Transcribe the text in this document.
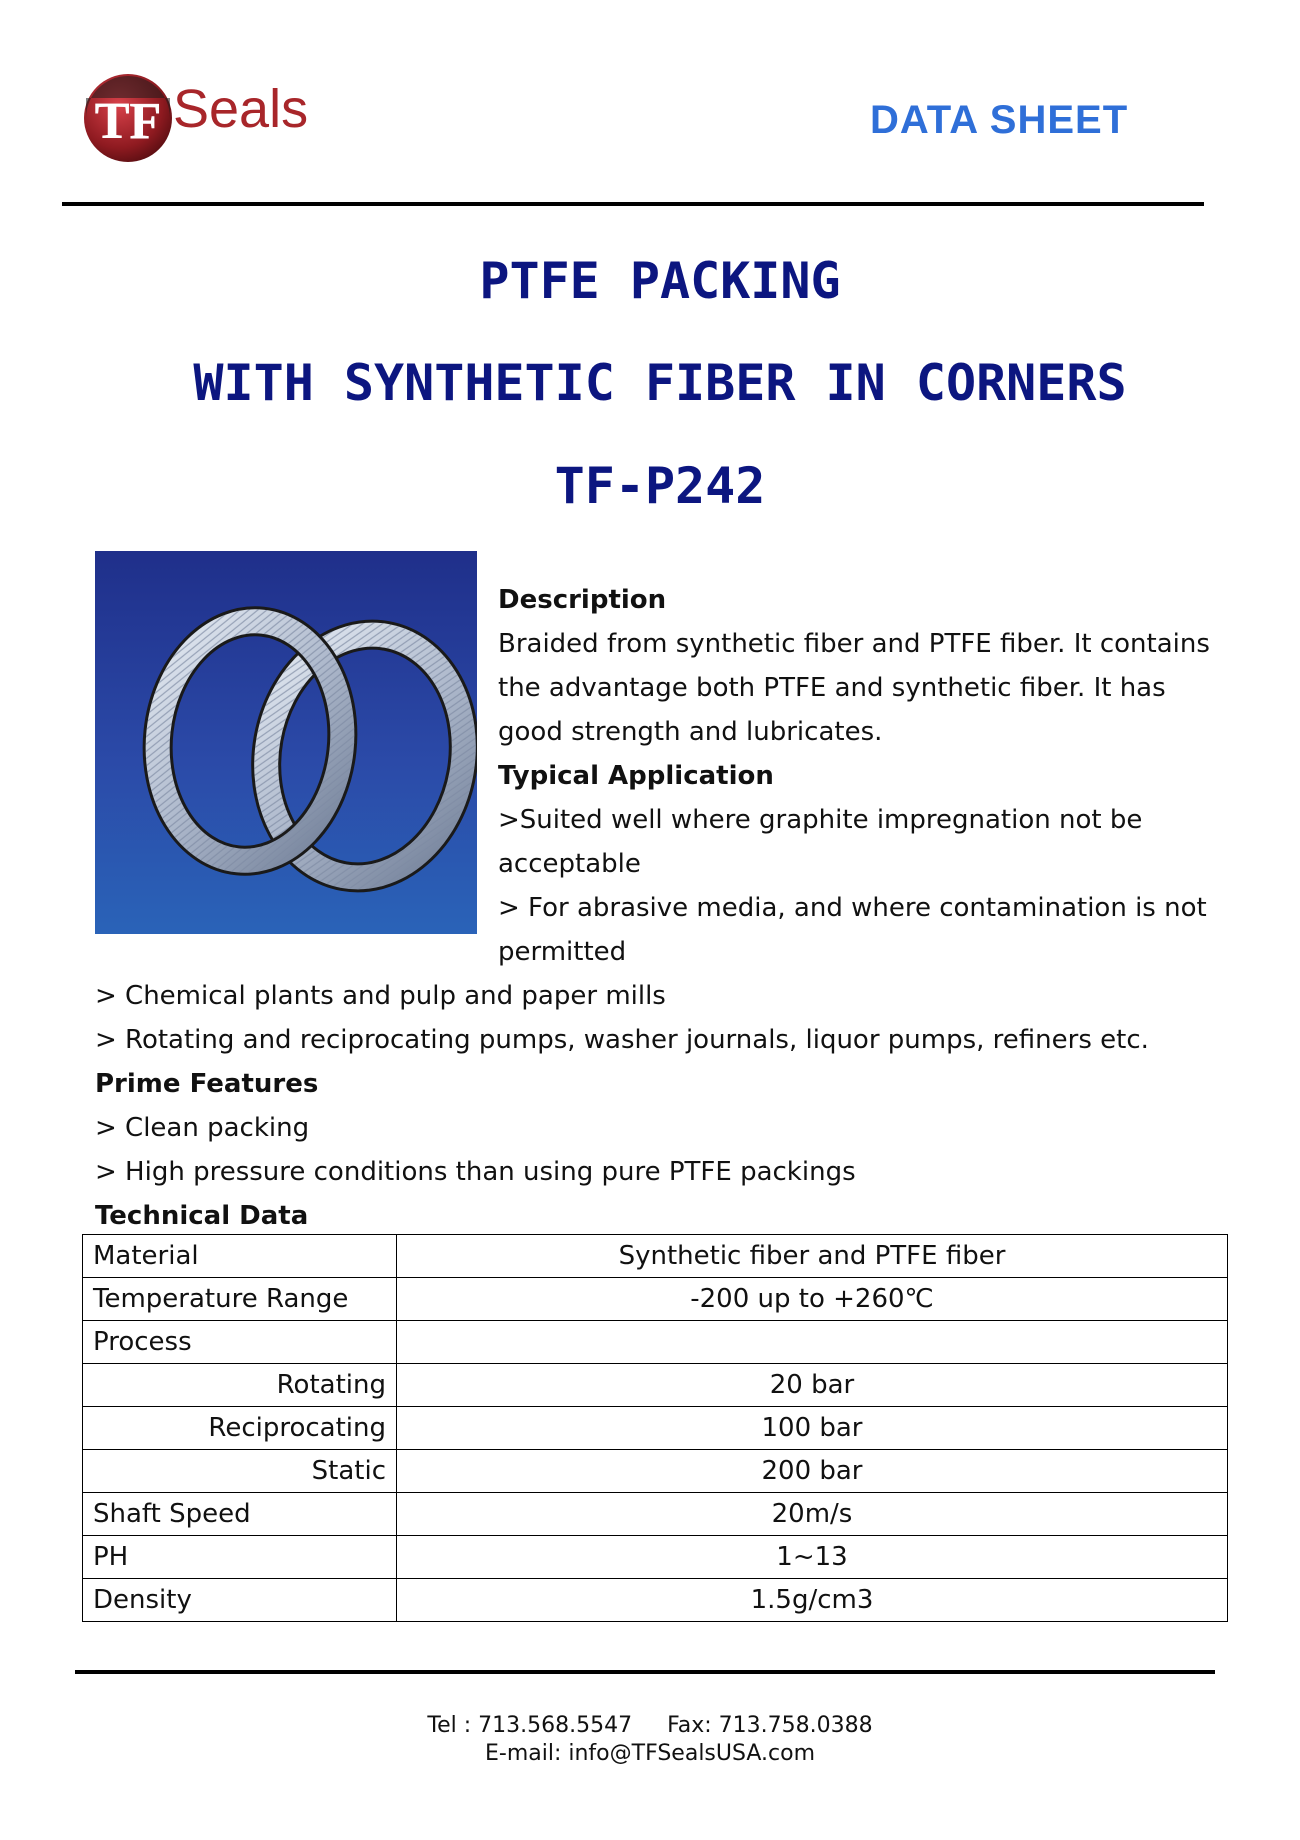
TF Seals	DATA SHEET
PTFE PACKING
WITH SYNTHETIC FIBER IN CORNERS
TF-P242
Description
Braided from synthetic fiber and PTFE fiber. It contains
the advantage both PTFE and synthetic fiber. It has
good strength and lubricates.
Typical Application
>Suited well where graphite impregnation not be
acceptable
> For abrasive media, and where contamination is not
permitted
> Chemical plants and pulp and paper mills
> Rotating and reciprocating pumps, washer journals, liquor pumps, refiners etc.
Prime Features
> Clean packing
> High pressure conditions than using pure PTFE packings
Technical Data
Material	Synthetic fiber and PTFE fiber
Temperature Range	-200 up to +260℃
Process	
Rotating	20 bar
Reciprocating	100 bar
Static	200 bar
Shaft Speed	20m/s
PH	1~13
Density	1.5g/cm3
Tel : 713.568.5547 Fax: 713.758.0388
E-mail: info@TFSealsUSA.com
